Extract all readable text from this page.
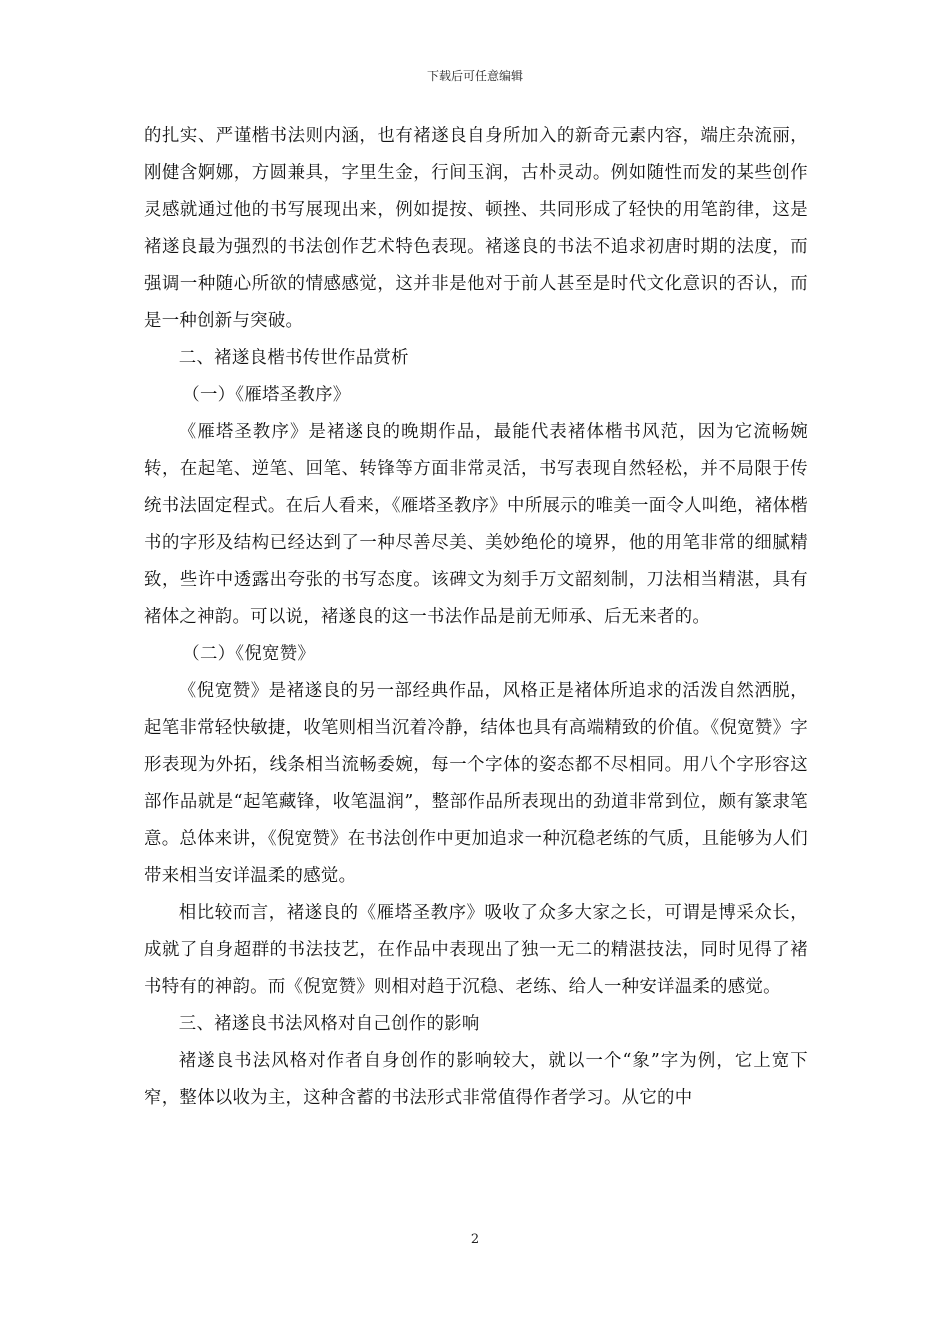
下载后可任意编辑

的扎实、严谨楷书法则内涵，也有褚遂良自身所加入的新奇元素内容，端庄杂流丽，刚健含婀娜，方圆兼具，字里生金，行间玉润，古朴灵动。例如随性而发的某些创作灵感就通过他的书写展现出来，例如提按、顿挫、共同形成了轻快的用笔韵律，这是褚遂良最为强烈的书法创作艺术特色表现。褚遂良的书法不追求初唐时期的法度，而强调一种随心所欲的情感感觉，这并非是他对于前人甚至是时代文化意识的否认，而是一种创新与突破。

二、褚遂良楷书传世作品赏析

（一）《雁塔圣教序》

《雁塔圣教序》是褚遂良的晚期作品，最能代表褚体楷书风范，因为它流畅婉转，在起笔、逆笔、回笔、转锋等方面非常灵活，书写表现自然轻松，并不局限于传统书法固定程式。在后人看来，《雁塔圣教序》中所展示的唯美一面令人叫绝，褚体楷书的字形及结构已经达到了一种尽善尽美、美妙绝伦的境界，他的用笔非常的细腻精致，些许中透露出夸张的书写态度。该碑文为刻手万文韶刻制，刀法相当精湛，具有褚体之神韵。可以说，褚遂良的这一书法作品是前无师承、后无来者的。

（二）《倪宽赞》

《倪宽赞》是褚遂良的另一部经典作品，风格正是褚体所追求的活泼自然洒脱，起笔非常轻快敏捷，收笔则相当沉着冷静，结体也具有高端精致的价值。《倪宽赞》字形表现为外拓，线条相当流畅委婉，每一个字体的姿态都不尽相同。用八个字形容这部作品就是“起笔藏锋，收笔温润”，整部作品所表现出的劲道非常到位，颇有篆隶笔意。总体来讲，《倪宽赞》在书法创作中更加追求一种沉稳老练的气质，且能够为人们带来相当安详温柔的感觉。

相比较而言，褚遂良的《雁塔圣教序》吸收了众多大家之长，可谓是博采众长，成就了自身超群的书法技艺，在作品中表现出了独一无二的精湛技法，同时见得了褚书特有的神韵。而《倪宽赞》则相对趋于沉稳、老练、给人一种安详温柔的感觉。

三、褚遂良书法风格对自己创作的影响

褚遂良书法风格对作者自身创作的影响较大，就以一个“象”字为例，它上宽下窄，整体以收为主，这种含蓄的书法形式非常值得作者学习。从它的中

2
